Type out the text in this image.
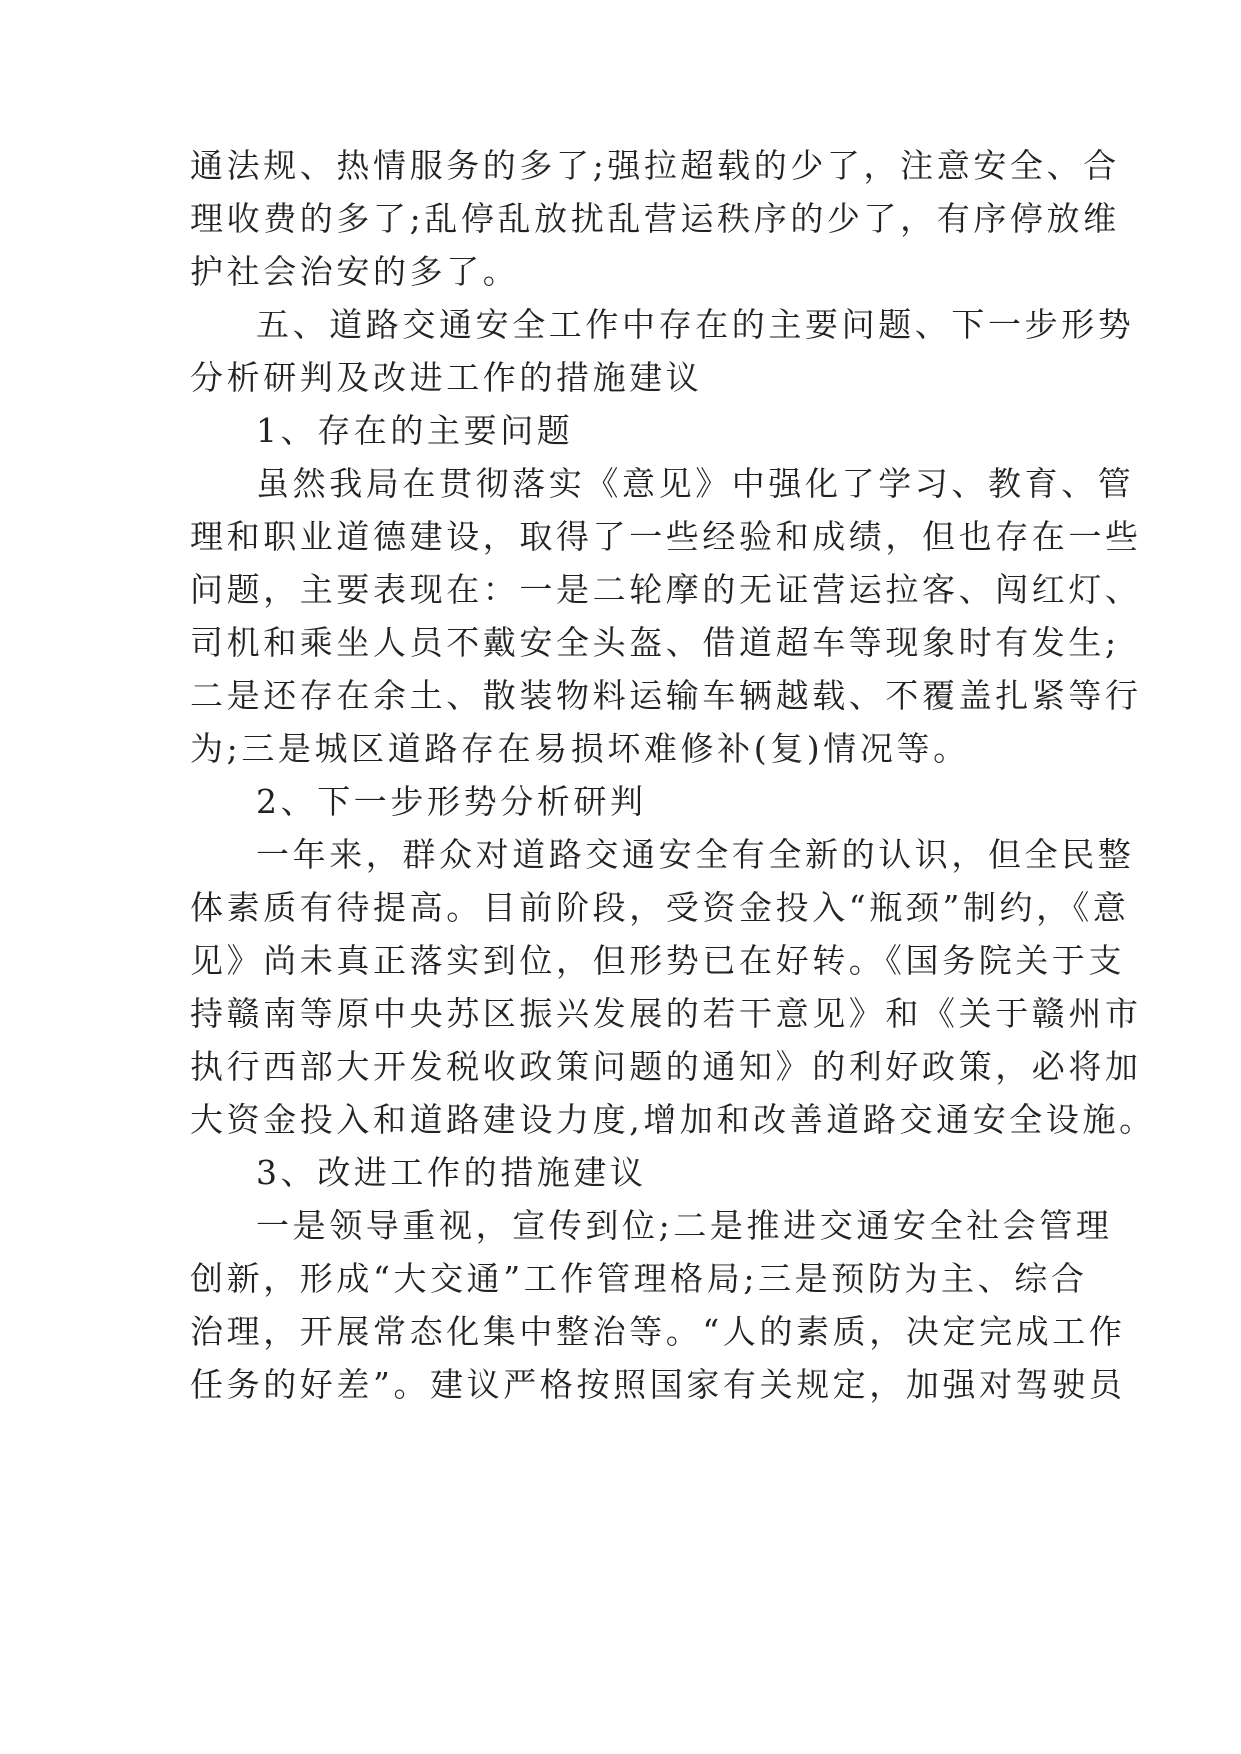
通法规、热情服务的多了;强拉超载的少了，注意安全、合
理收费的多了;乱停乱放扰乱营运秩序的少了，有序停放维
护社会治安的多了。
五、道路交通安全工作中存在的主要问题、下一步形势
分析研判及改进工作的措施建议
1、存在的主要问题
虽然我局在贯彻落实《意见》中强化了学习、教育、管
理和职业道德建设，取得了一些经验和成绩，但也存在一些
问题，主要表现在：一是二轮摩的无证营运拉客、闯红灯、
司机和乘坐人员不戴安全头盔、借道超车等现象时有发生;
二是还存在余土、散装物料运输车辆越载、不覆盖扎紧等行
为;三是城区道路存在易损坏难修补(复)情况等。
2、下一步形势分析研判
一年来，群众对道路交通安全有全新的认识，但全民整
体素质有待提高。目前阶段，受资金投入“瓶颈”制约，《意
见》尚未真正落实到位，但形势已在好转。《国务院关于支
持赣南等原中央苏区振兴发展的若干意见》和《关于赣州市
执行西部大开发税收政策问题的通知》的利好政策，必将加
大资金投入和道路建设力度,增加和改善道路交通安全设施。
3、改进工作的措施建议
一是领导重视，宣传到位;二是推进交通安全社会管理
创新，形成“大交通”工作管理格局;三是预防为主、综合
治理，开展常态化集中整治等。“人的素质，决定完成工作
任务的好差”。建议严格按照国家有关规定，加强对驾驶员
